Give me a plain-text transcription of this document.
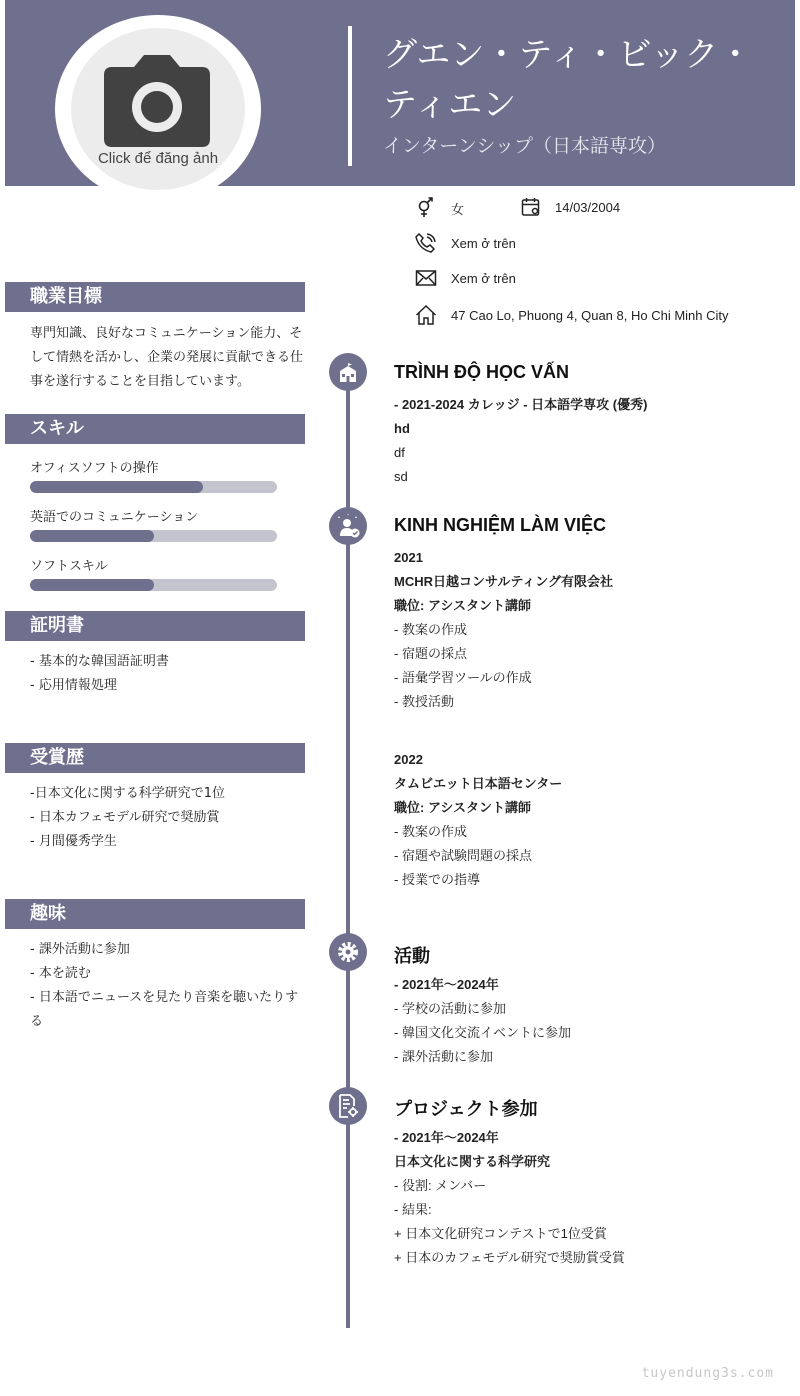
Click để đăng ảnh
グエン・ティ・ビック・ティエン
インターンシップ（日本語専攻）
女	14/03/2004
Xem ở trên
Xem ở trên
47 Cao Lo, Phuong 4, Quan 8, Ho Chi Minh City
職業目標
専門知識、良好なコミュニケーション能力、そして情熱を活かし、企業の発展に貢献できる仕事を遂行することを目指しています。
スキル
オフィスソフトの操作
英語でのコミュニケーション
ソフトスキル
証明書
- 基本的な韓国語証明書
- 応用情報処理
受賞歴
-日本文化に関する科学研究で1位
- 日本カフェモデル研究で奨励賞
- 月間優秀学生
趣味
- 課外活動に参加
- 本を読む
- 日本語でニュースを見たり音楽を聴いたりする
TRÌNH ĐỘ HỌC VẤN
- 2021-2024 カレッジ - 日本語学専攻 (優秀)
hd
df
sd
KINH NGHIỆM LÀM VIỆC
2021
MCHR日越コンサルティング有限会社
職位: アシスタント講師
- 教案の作成
- 宿題の採点
- 語彙学習ツールの作成
- 教授活動
2022
タムビエット日本語センター
職位: アシスタント講師
- 教案の作成
- 宿題や試験問題の採点
- 授業での指導
活動
- 2021年～2024年
- 学校の活動に参加
- 韓国文化交流イベントに参加
- 課外活動に参加
プロジェクト参加
- 2021年～2024年
日本文化に関する科学研究
- 役割: メンバー
- 結果:
+ 日本文化研究コンテストで1位受賞
+ 日本のカフェモデル研究で奨励賞受賞
tuyendung3s.com
